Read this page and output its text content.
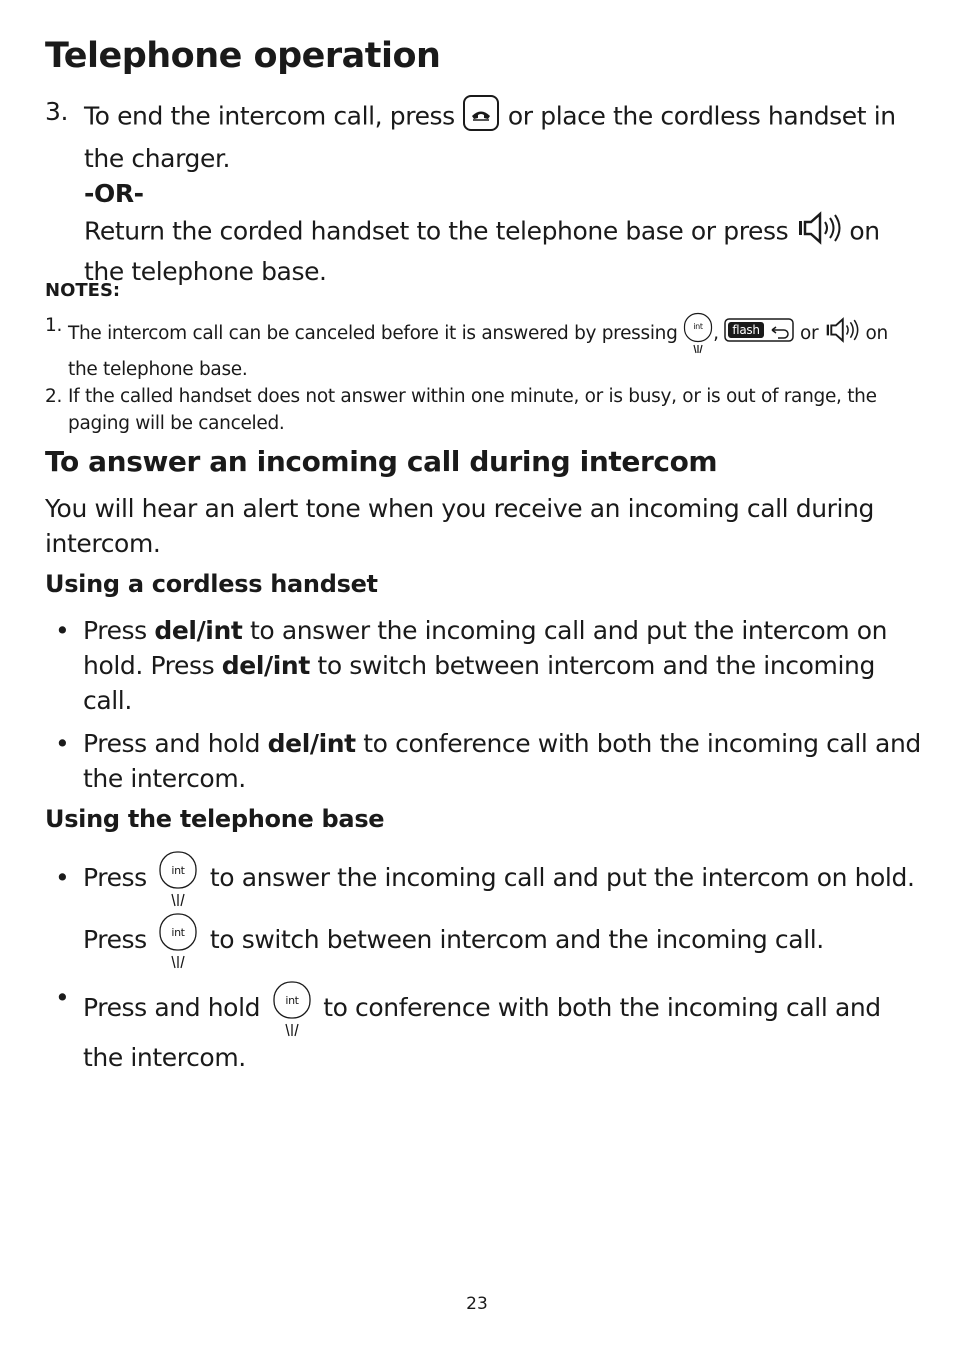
Telephone operation
3. To end the intercom call, press or place the cordless handset in the charger.
-OR-
Return the corded handset to the telephone base or press on the telephone base.
NOTES:
1. The intercom call can be canceled before it is answered by pressing int , flash or	on the telephone base.
2. If the called handset does not answer within one minute, or is busy, or is out of range, the paging will be canceled.
To answer an incoming call during intercom
You will hear an alert tone when you receive an incoming call during intercom.
Using a cordless handset
• Press del/int to answer the incoming call and put the intercom on hold. Press del/int to switch between intercom and the incoming call.
• Press and hold del/int to conference with both the incoming call and the intercom.
Using the telephone base
• Press int to answer the incoming call and put the intercom on hold.
Press int to switch between intercom and the incoming call.
• Press and hold int to conference with both the incoming call and the intercom.
23
